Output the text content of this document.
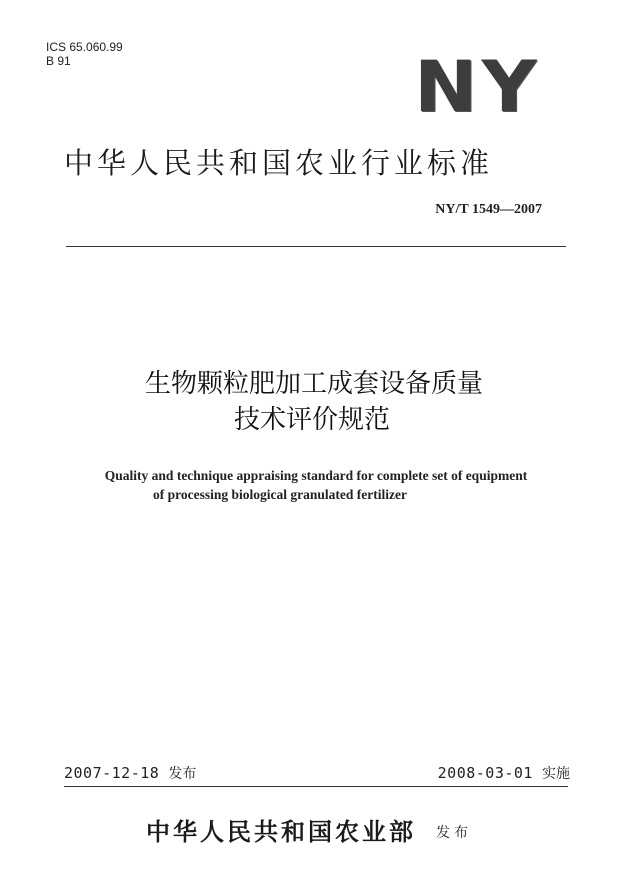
ICS 65.060.99
B 91	NY
中华人民共和国农业行业标准
NY/T 1549—2007
生物颗粒肥加工成套设备质量
技术评价规范
Quality and technique appraising standard for complete set of equipment
of processing biological granulated fertilizer
2007-12-18 发布	2008-03-01 实施
中华人民共和国农业部 发布
